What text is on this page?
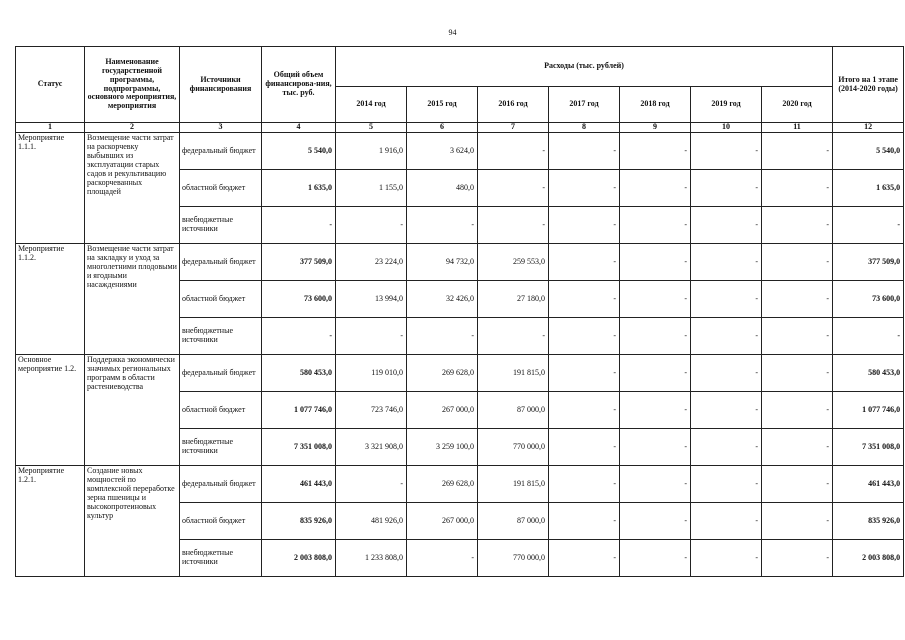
94
Статус	Наименование государственной программы, подпрограммы, основного мероприятия, мероприятия	Источники финансирования	Общий объем финансирова-ния, тыс. руб.	Расходы (тыс. рублей)							Итого на 1 этапе (2014-2020 годы)
				2014 год	2015 год	2016 год	2017 год	2018 год	2019 год	2020 год	
1	2	3	4	5	6	7	8	9	10	11	12
Мероприятие 1.1.1.	Возмещение части затрат на раскорчевку выбывших из эксплуатации старых садов и рекультивацию раскорчеванных площадей	федеральный бюджет	5 540,0	1 916,0	3 624,0	-	-	-	-	-	5 540,0
		областной бюджет	1 635,0	1 155,0	480,0	-	-	-	-	-	1 635,0
		внебюджетные источники	-	-	-	-	-	-	-	-	-
Мероприятие 1.1.2.	Возмещение части затрат на закладку и уход за многолетними плодовыми и ягодными насаждениями	федеральный бюджет	377 509,0	23 224,0	94 732,0	259 553,0	-	-	-	-	377 509,0
		областной бюджет	73 600,0	13 994,0	32 426,0	27 180,0	-	-	-	-	73 600,0
		внебюджетные источники	-	-	-	-	-	-	-	-	-
Основное мероприятие 1.2.	Поддержка экономически значимых региональных программ в области растениеводства	федеральный бюджет	580 453,0	119 010,0	269 628,0	191 815,0	-	-	-	-	580 453,0
		областной бюджет	1 077 746,0	723 746,0	267 000,0	87 000,0	-	-	-	-	1 077 746,0
		внебюджетные источники	7 351 008,0	3 321 908,0	3 259 100,0	770 000,0	-	-	-	-	7 351 008,0
Мероприятие 1.2.1.	Создание новых мощностей по комплексной переработке зерна пшеницы и высокопротеиновых культур	федеральный бюджет	461 443,0	-	269 628,0	191 815,0	-	-	-	-	461 443,0
		областной бюджет	835 926,0	481 926,0	267 000,0	87 000,0	-	-	-	-	835 926,0
		внебюджетные источники	2 003 808,0	1 233 808,0	-	770 000,0	-	-	-	-	2 003 808,0
